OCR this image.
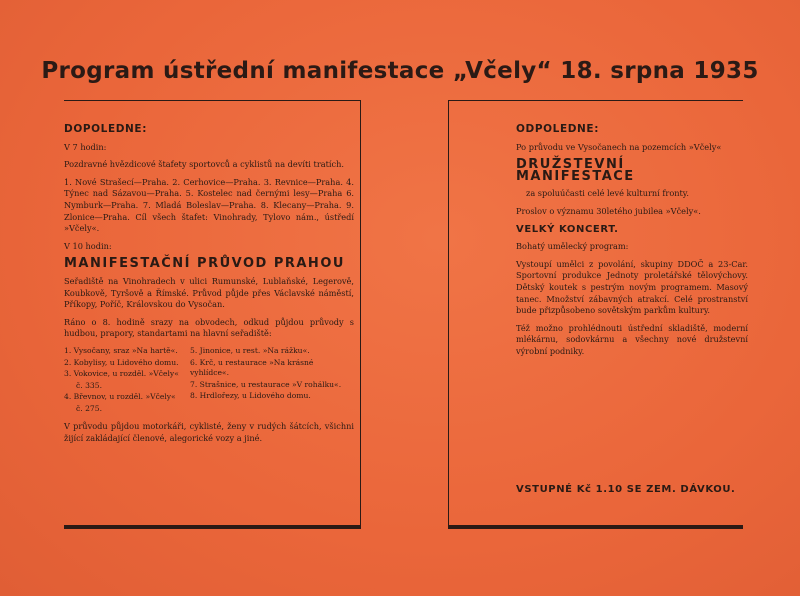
Program ústřední manifestace „Včely“ 18. srpna 1935
DOPOLEDNE:
V 7 hodin:

Pozdravné hvězdicové štafety sportovců a cyklistů na devíti tratích.

1. Nové Strašecí—Praha. 2. Cerhovice—Praha. 3. Revnice—Praha. 4. Týnec nad Sázavou—Praha. 5. Kostelec nad černými lesy—Praha 6. Nymburk—Praha. 7. Mladá Boleslav—Praha. 8. Klecany—Praha. 9. Zlonice—Praha. Cíl všech štafet: Vinohrady, Tylovo nám., ústředí »Včely«.

V 10 hodin:
MANIFESTAČNÍ PRŮVOD PRAHOU

Seřadiště na Vinohradech v ulici Rumunské, Lublaňské, Legerově, Koubkově, Tyršově a Římské. Průvod půjde přes Václavské náměstí, Příkopy, Poříč, Královskou do Vysočan.

Ráno o 8. hodině srazy na obvodech, odkud půjdou průvody s hudbou, prapory, standartami na hlavní seřadiště:

1. Vysočany, sraz »Na hartě«.
2. Kobylisy, u Lidového domu.
3. Vokovice, u rozděl. »Včely«
č. 335.
4. Břevnov, u rozděl. »Včely«
č. 275.
5. Jinonice, u rest. »Na rážku«.
6. Krč, u restaurace »Na krásné vyhlídce«.
7. Strašnice, u restaurace »V rohálku«.
8. Hrdlořezy, u Lidového domu.

V průvodu půjdou motorkáři, cyklisté, ženy v rudých šátcích, všichni žijící zakládající členové, alegorické vozy a jiné.

ODPOLEDNE:

Po průvodu ve Vysočanech na pozemcích »Včely«

DRUŽSTEVNÍ MANIFESTACE

za spoluúčasti celé levé kulturní fronty.

Proslov o významu 30letého jubilea »Včely«.

VELKÝ KONCERT.

Bohatý umělecký program:

Vystoupí umělci z povolání, skupiny DDOČ a 23-Car. Sportovní produkce Jednoty proletářské tělovýchovy. Dětský koutek s pestrým novým programem. Masový tanec. Množství zábavných atrakcí. Celé prostranství bude přizpůsobeno sovětským parkům kultury.

Též možno prohlédnouti ústřední skladiště, moderní mlékárnu, sodovkárnu a všechny nové družstevní výrobní podniky.

VSTUPNÉ Kč 1.10 SE ZEM. DÁVKOU.
